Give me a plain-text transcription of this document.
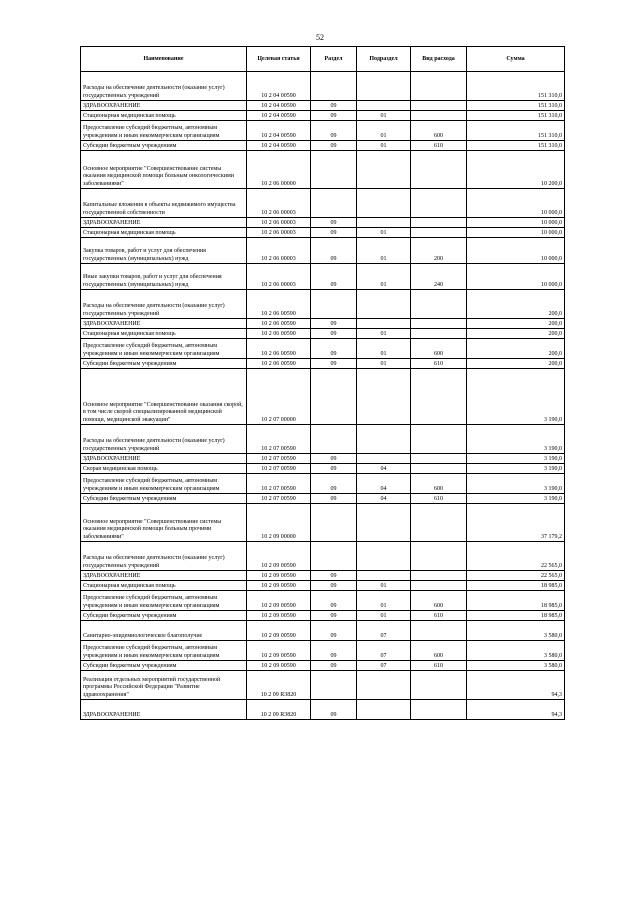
52
Наименование	Целевая статья	Раздел	Подраздел	Вид расхода	Сумма
Расходы на обеспечение деятельности (оказание услуг) государственных учреждений	10 2 04 00590				151 310,0
ЗДРАВООХРАНЕНИЕ	10 2 04 00590	09			151 310,0
Стационарная медицинская помощь	10 2 04 00590	09	01		151 310,0
Предоставление субсидий бюджетным, автономным учреждениям и иным некоммерческим организациям	10 2 04 00590	09	01	600	151 310,0
Субсидии бюджетным учреждениям	10 2 04 00590	09	01	610	151 310,0
Основное мероприятие "Совершенствование системы оказания медицинской помощи больным онкологическими заболеваниями"	10 2 06 00000				10 200,0
Капитальные вложения в объекты недвижимого имущества государственной собственности	10 2 06 00003				10 000,0
ЗДРАВООХРАНЕНИЕ	10 2 06 00003	09			10 000,0
Стационарная медицинская помощь	10 2 06 00003	09	01		10 000,0
Закупка товаров, работ и услуг для обеспечения государственных (муниципальных) нужд	10 2 06 00003	09	01	200	10 000,0
Иные закупки товаров, работ и услуг для обеспечения государственных (муниципальных) нужд	10 2 06 00003	09	01	240	10 000,0
Расходы на обеспечение деятельности (оказание услуг) государственных учреждений	10 2 06 00590				200,0
ЗДРАВООХРАНЕНИЕ	10 2 06 00590	09			200,0
Стационарная медицинская помощь	10 2 06 00590	09	01		200,0
Предоставление субсидий бюджетным, автономным учреждениям и иным некоммерческим организациям	10 2 06 00590	09	01	600	200,0
Субсидии бюджетным учреждениям	10 2 06 00590	09	01	610	200,0
Основное мероприятие "Совершенствование оказания скорой, в том числе скорой специализированной медицинской помощи, медицинской эвакуации"	10 2 07 00000				3 190,0
Расходы на обеспечение деятельности (оказание услуг) государственных учреждений	10 2 07 00590				3 190,0
ЗДРАВООХРАНЕНИЕ	10 2 07 00590	09			3 190,0
Скорая медицинская помощь	10 2 07 00590	09	04		3 190,0
Предоставление субсидий бюджетным, автономным учреждениям и иным некоммерческим организациям	10 2 07 00590	09	04	600	3 190,0
Субсидии бюджетным учреждениям	10 2 07 00590	09	04	610	3 190,0
Основное мероприятие "Совершенствование системы оказания медицинской помощи больным прочими заболеваниями"	10 2 09 00000				37 179,2
Расходы на обеспечение деятельности (оказание услуг) государственных учреждений	10 2 09 00590				22 565,0
ЗДРАВООХРАНЕНИЕ	10 2 09 00590	09			22 565,0
Стационарная медицинская помощь	10 2 09 00590	09	01		18 985,0
Предоставление субсидий бюджетным, автономным учреждениям и иным некоммерческим организациям	10 2 09 00590	09	01	600	18 985,0
Субсидии бюджетным учреждениям	10 2 09 00590	09	01	610	18 985,0
Санитарно-эпидемиологическое благополучие	10 2 09 00590	09	07		3 580,0
Предоставление субсидий бюджетным, автономным учреждениям и иным некоммерческим организациям	10 2 09 00590	09	07	600	3 580,0
Субсидии бюджетным учреждениям	10 2 09 00590	09	07	610	3 580,0
Реализация отдельных мероприятий государственной программы Российской Федерации "Развитие здравоохранения"	10 2 09 R3820				94,3
ЗДРАВООХРАНЕНИЕ	10 2 09 R3820	09			94,3
